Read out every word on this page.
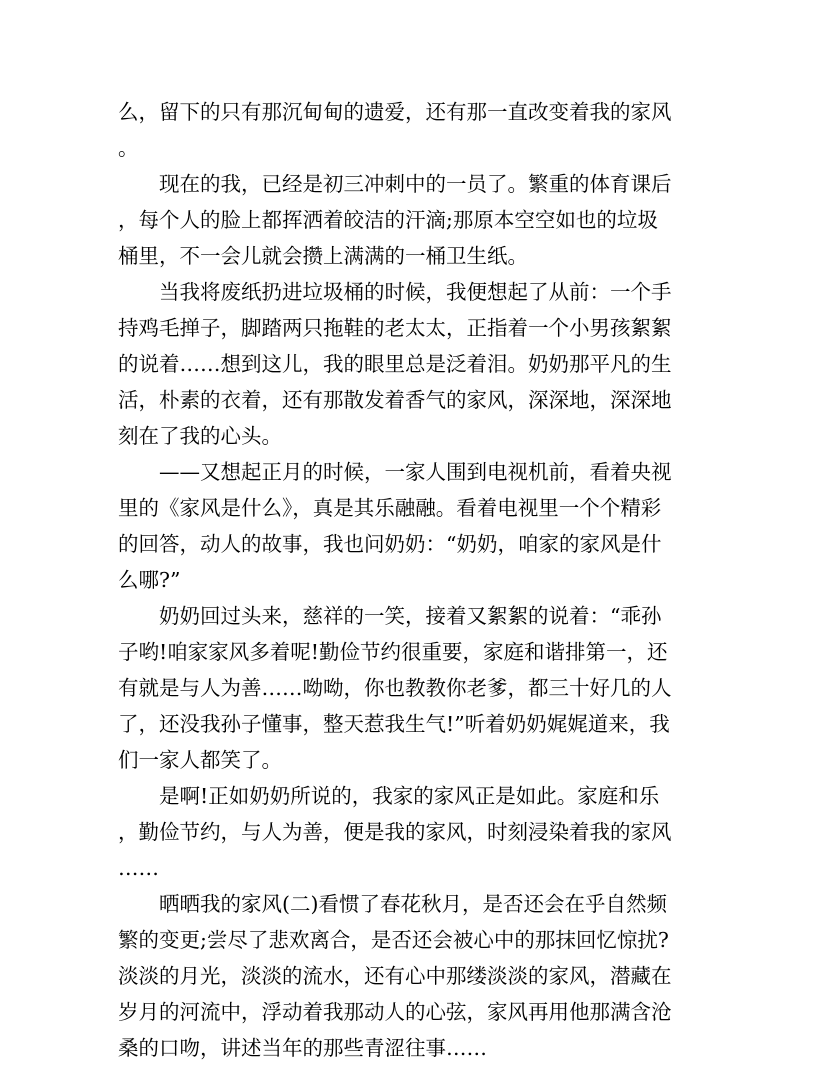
么，留下的只有那沉甸甸的遗爱，还有那一直改变着我的家风
。
　　现在的我，已经是初三冲刺中的一员了。繁重的体育课后
，每个人的脸上都挥洒着皎洁的汗滴;那原本空空如也的垃圾
桶里，不一会儿就会攒上满满的一桶卫生纸。
　　当我将废纸扔进垃圾桶的时候，我便想起了从前：一个手
持鸡毛掸子，脚踏两只拖鞋的老太太，正指着一个小男孩絮絮
的说着……想到这儿，我的眼里总是泛着泪。奶奶那平凡的生
活，朴素的衣着，还有那散发着香气的家风，深深地，深深地
刻在了我的心头。
　　——又想起正月的时候，一家人围到电视机前，看着央视
里的《家风是什么》，真是其乐融融。看着电视里一个个精彩
的回答，动人的故事，我也问奶奶：“奶奶，咱家的家风是什
么哪?”
　　奶奶回过头来，慈祥的一笑，接着又絮絮的说着：“乖孙
子哟!咱家家风多着呢!勤俭节约很重要，家庭和谐排第一，还
有就是与人为善……呦呦，你也教教你老爹，都三十好几的人
了，还没我孙子懂事，整天惹我生气!”听着奶奶娓娓道来，我
们一家人都笑了。
　　是啊!正如奶奶所说的，我家的家风正是如此。家庭和乐
，勤俭节约，与人为善，便是我的家风，时刻浸染着我的家风
……
　　晒晒我的家风(二)看惯了春花秋月，是否还会在乎自然频
繁的变更;尝尽了悲欢离合，是否还会被心中的那抹回忆惊扰?
淡淡的月光，淡淡的流水，还有心中那缕淡淡的家风，潜藏在
岁月的河流中，浮动着我那动人的心弦，家风再用他那满含沧
桑的口吻，讲述当年的那些青涩往事……
